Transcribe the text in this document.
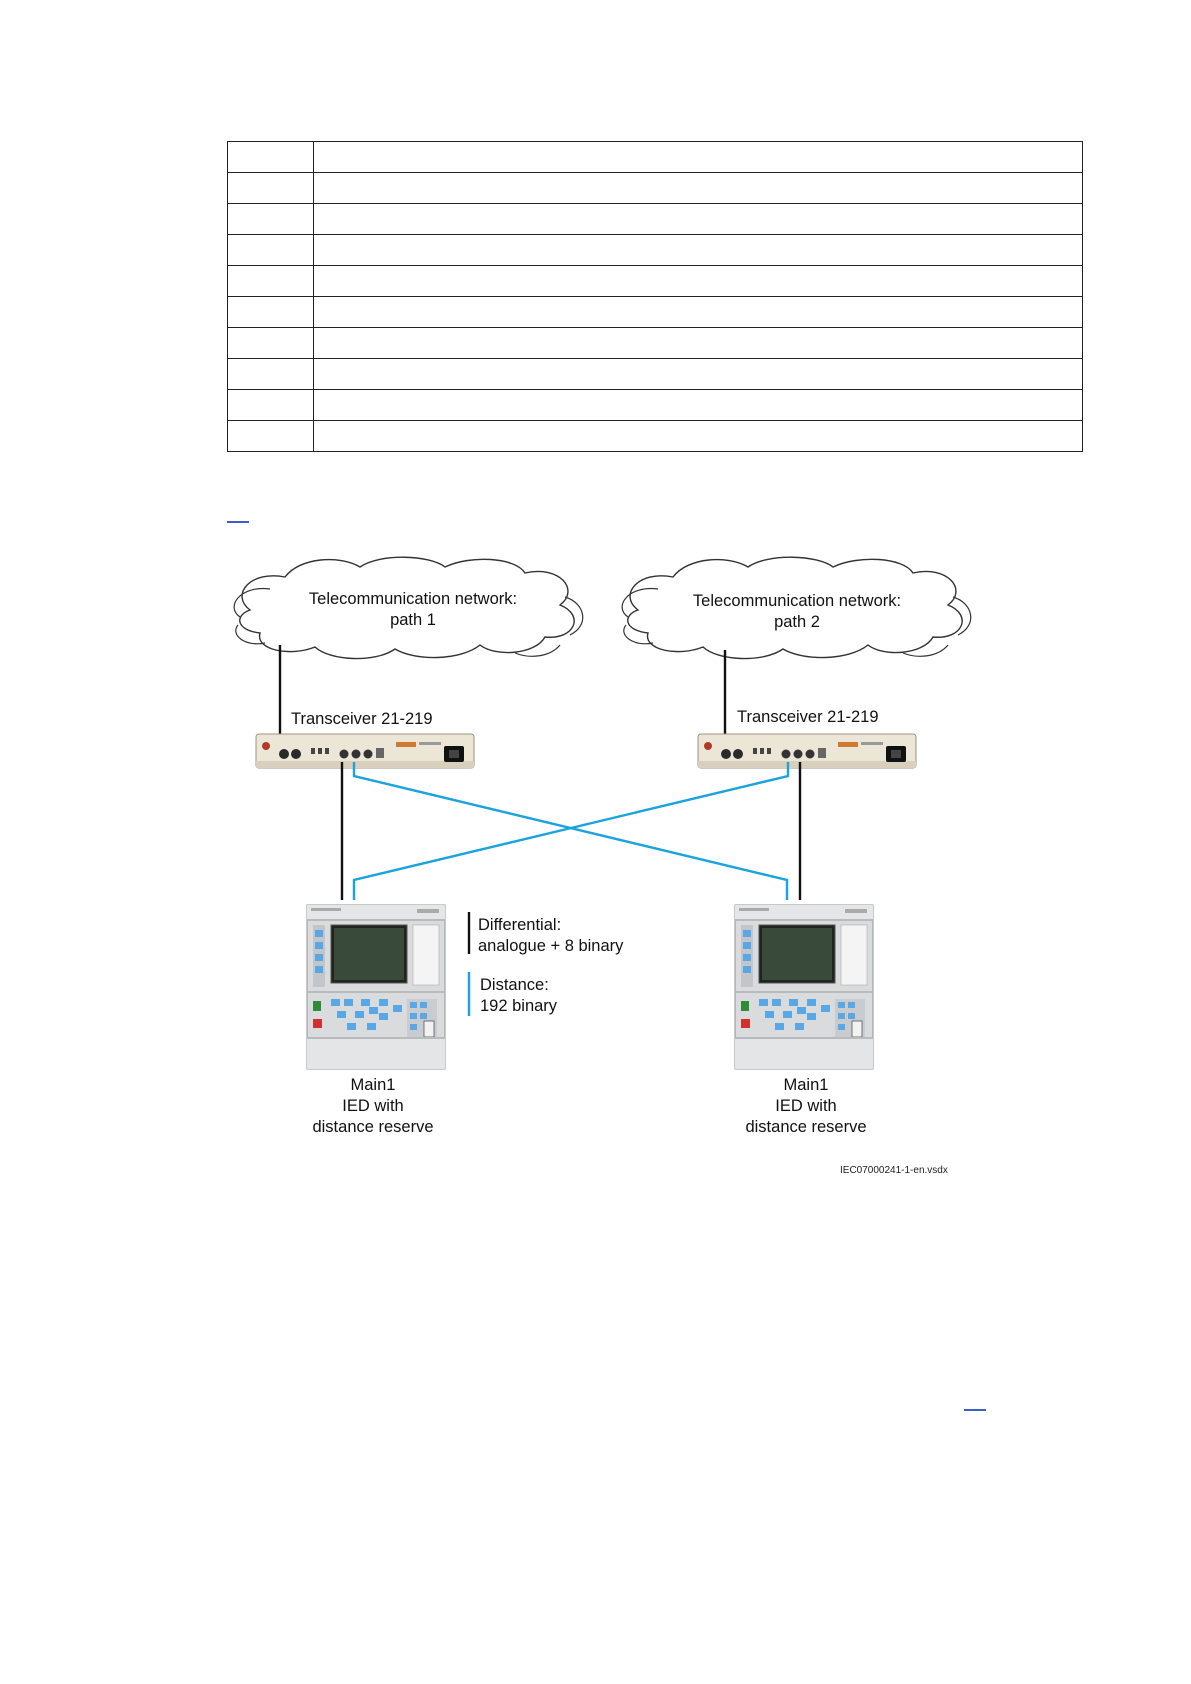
Telecommunication network:
path 1
Telecommunication network:
path 2
Transceiver 21-219	Transceiver 21-219
Differential:
analogue + 8 binary
Distance:
192 binary
Main1
IED with
distance reserve
Main1
IED with
distance reserve
IEC07000241-1-en.vsdx
